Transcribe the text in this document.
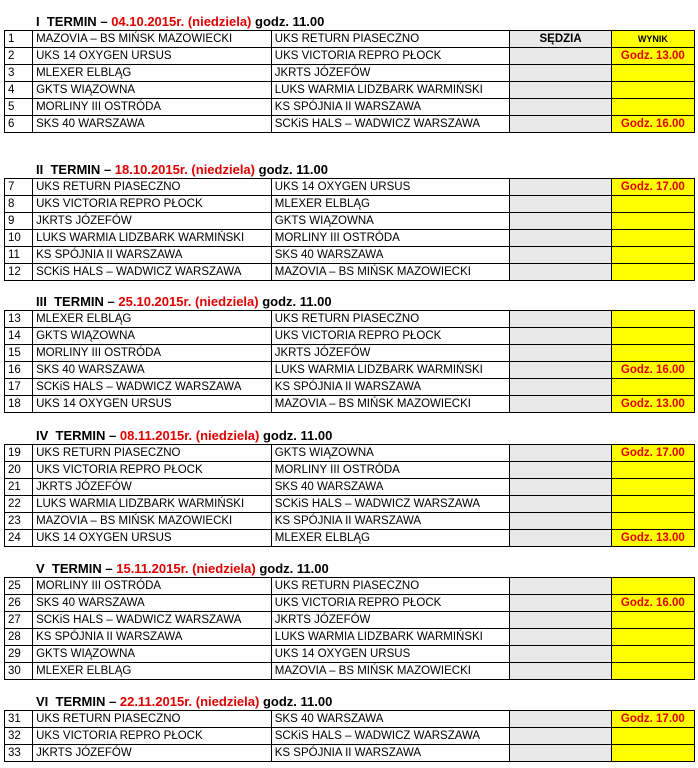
I TERMIN – 04.10.2015r. (niedziela) godz. 11.00
1	MAZOVIA – BS MIŃSK MAZOWIECKI	UKS RETURN PIASECZNO	SĘDZIA	WYNIK
2	UKS 14 OXYGEN URSUS	UKS VICTORIA REPRO PŁOCK		Godz. 13.00
3	MLEXER ELBLĄG	JKRTS JÓZEFÓW		
4	GKTS WIĄZOWNA	LUKS WARMIA LIDZBARK WARMIŃSKI		
5	MORLINY III OSTRÓDA	KS SPÓJNIA II WARSZAWA		
6	SKS 40 WARSZAWA	SCKiS HALS – WADWICZ WARSZAWA		Godz. 16.00
II TERMIN – 18.10.2015r. (niedziela) godz. 11.00
7	UKS RETURN PIASECZNO	UKS 14 OXYGEN URSUS		Godz. 17.00
8	UKS VICTORIA REPRO PŁOCK	MLEXER ELBLĄG		
9	JKRTS JÓZEFÓW	GKTS WIĄZOWNA		
10	LUKS WARMIA LIDZBARK WARMIŃSKI	MORLINY III OSTRÓDA		
11	KS SPÓJNIA II WARSZAWA	SKS 40 WARSZAWA		
12	SCKiS HALS – WADWICZ WARSZAWA	MAZOVIA – BS MIŃSK MAZOWIECKI		
III TERMIN – 25.10.2015r. (niedziela) godz. 11.00
13	MLEXER ELBLĄG	UKS RETURN PIASECZNO		
14	GKTS WIĄZOWNA	UKS VICTORIA REPRO PŁOCK		
15	MORLINY III OSTRÓDA	JKRTS JÓZEFÓW		
16	SKS 40 WARSZAWA	LUKS WARMIA LIDZBARK WARMIŃSKI		Godz. 16.00
17	SCKiS HALS – WADWICZ WARSZAWA	KS SPÓJNIA II WARSZAWA		
18	UKS 14 OXYGEN URSUS	MAZOVIA – BS MIŃSK MAZOWIECKI		Godz. 13.00
IV TERMIN – 08.11.2015r. (niedziela) godz. 11.00
19	UKS RETURN PIASECZNO	GKTS WIĄZOWNA		Godz. 17.00
20	UKS VICTORIA REPRO PŁOCK	MORLINY III OSTRÓDA		
21	JKRTS JÓZEFÓW	SKS 40 WARSZAWA		
22	LUKS WARMIA LIDZBARK WARMIŃSKI	SCKiS HALS – WADWICZ WARSZAWA		
23	MAZOVIA – BS MIŃSK MAZOWIECKI	KS SPÓJNIA II WARSZAWA		
24	UKS 14 OXYGEN URSUS	MLEXER ELBLĄG		Godz. 13.00
V TERMIN – 15.11.2015r. (niedziela) godz. 11.00
25	MORLINY III OSTRÓDA	UKS RETURN PIASECZNO		
26	SKS 40 WARSZAWA	UKS VICTORIA REPRO PŁOCK		Godz. 16.00
27	SCKiS HALS – WADWICZ WARSZAWA	JKRTS JÓZEFÓW		
28	KS SPÓJNIA II WARSZAWA	LUKS WARMIA LIDZBARK WARMIŃSKI		
29	GKTS WIĄZOWNA	UKS 14 OXYGEN URSUS		
30	MLEXER ELBLĄG	MAZOVIA – BS MIŃSK MAZOWIECKI		
VI TERMIN – 22.11.2015r. (niedziela) godz. 11.00
31	UKS RETURN PIASECZNO	SKS 40 WARSZAWA		Godz. 17.00
32	UKS VICTORIA REPRO PŁOCK	SCKiS HALS – WADWICZ WARSZAWA		
33	JKRTS JÓZEFÓW	KS SPÓJNIA II WARSZAWA		
